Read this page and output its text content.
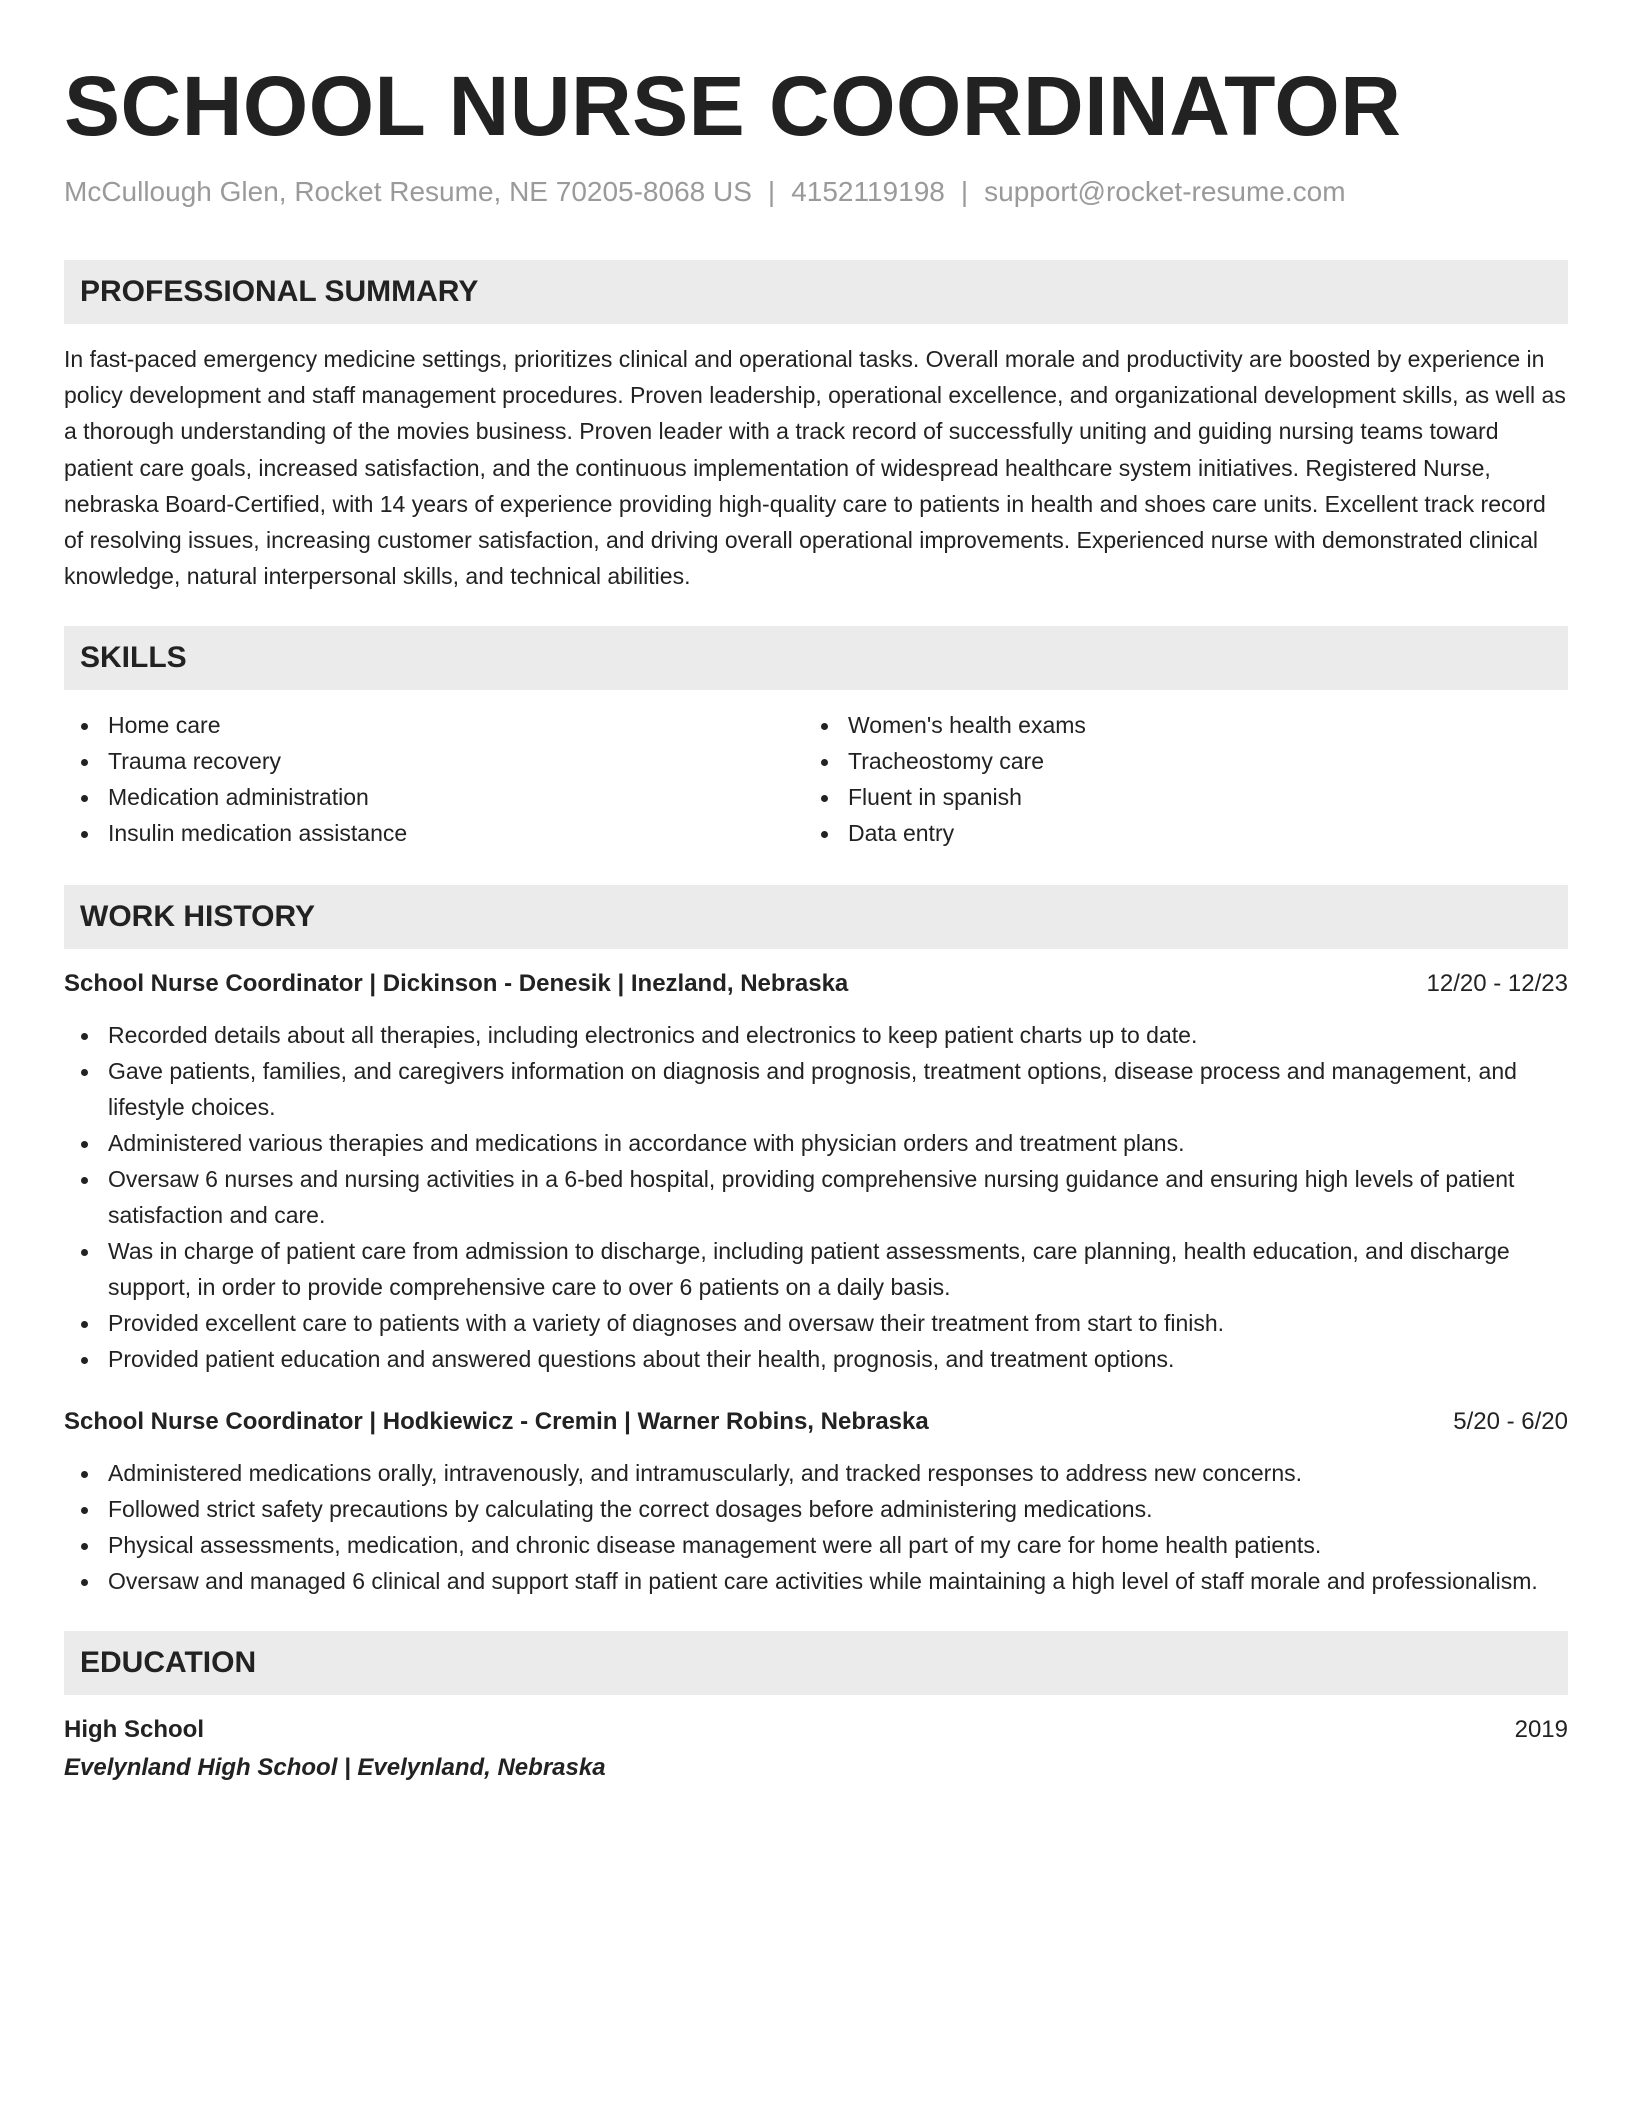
SCHOOL NURSE COORDINATOR
McCullough Glen, Rocket Resume, NE 70205-8068 US | 4152119198 | support@rocket-resume.com
PROFESSIONAL SUMMARY

In fast-paced emergency medicine settings, prioritizes clinical and operational tasks. Overall morale and productivity are boosted by experience in policy development and staff management procedures. Proven leadership, operational excellence, and organizational development skills, as well as a thorough understanding of the movies business. Proven leader with a track record of successfully uniting and guiding nursing teams toward patient care goals, increased satisfaction, and the continuous implementation of widespread healthcare system initiatives. Registered Nurse, nebraska Board-Certified, with 14 years of experience providing high-quality care to patients in health and shoes care units. Excellent track record of resolving issues, increasing customer satisfaction, and driving overall operational improvements. Experienced nurse with demonstrated clinical knowledge, natural interpersonal skills, and technical abilities.

SKILLS
Home care
Trauma recovery
Medication administration
Insulin medication assistance
Women's health exams
Tracheostomy care
Fluent in spanish
Data entry
WORK HISTORY
School Nurse Coordinator | Dickinson - Denesik | Inezland, Nebraska	12/20 - 12/23
Recorded details about all therapies, including electronics and electronics to keep patient charts up to date.
Gave patients, families, and caregivers information on diagnosis and prognosis, treatment options, disease process and management, and lifestyle choices.
Administered various therapies and medications in accordance with physician orders and treatment plans.
Oversaw 6 nurses and nursing activities in a 6-bed hospital, providing comprehensive nursing guidance and ensuring high levels of patient satisfaction and care.
Was in charge of patient care from admission to discharge, including patient assessments, care planning, health education, and discharge support, in order to provide comprehensive care to over 6 patients on a daily basis.
Provided excellent care to patients with a variety of diagnoses and oversaw their treatment from start to finish.
Provided patient education and answered questions about their health, prognosis, and treatment options.
School Nurse Coordinator | Hodkiewicz - Cremin | Warner Robins, Nebraska	5/20 - 6/20
Administered medications orally, intravenously, and intramuscularly, and tracked responses to address new concerns.
Followed strict safety precautions by calculating the correct dosages before administering medications.
Physical assessments, medication, and chronic disease management were all part of my care for home health patients.
Oversaw and managed 6 clinical and support staff in patient care activities while maintaining a high level of staff morale and professionalism.
EDUCATION
High School	2019
Evelynland High School | Evelynland, Nebraska
